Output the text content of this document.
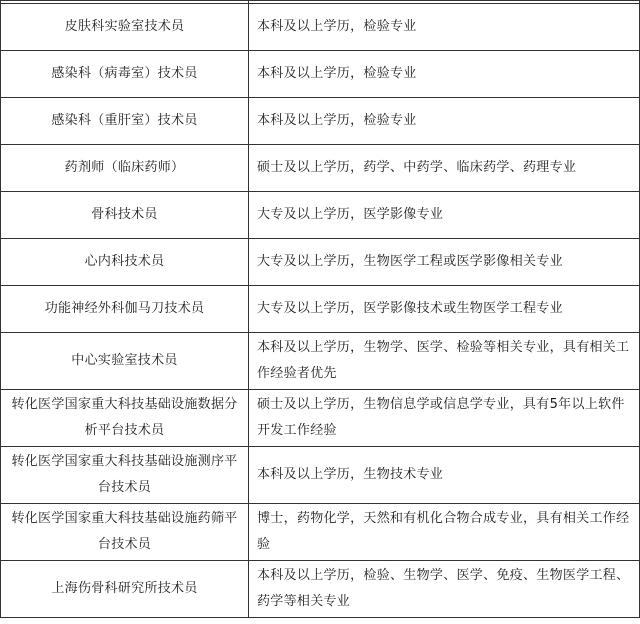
皮肤科实验室技术员	本科及以上学历，检验专业
感染科（病毒室）技术员	本科及以上学历，检验专业
感染科（重肝室）技术员	本科及以上学历，检验专业
药剂师（临床药师）	硕士及以上学历，药学、中药学、临床药学、药理专业
骨科技术员	大专及以上学历，医学影像专业
心内科技术员	大专及以上学历，生物医学工程或医学影像相关专业
功能神经外科伽马刀技术员	大专及以上学历，医学影像技术或生物医学工程专业
中心实验室技术员	本科及以上学历，生物学、医学、检验等相关专业，具有相关工作经验者优先
转化医学国家重大科技基础设施数据分析平台技术员	硕士及以上学历，生物信息学或信息学专业，具有5年以上软件开发工作经验
转化医学国家重大科技基础设施测序平台技术员	本科及以上学历，生物技术专业
转化医学国家重大科技基础设施药筛平台技术员	博士，药物化学，天然和有机化合物合成专业，具有相关工作经验
上海伤骨科研究所技术员	本科及以上学历，检验、生物学、医学、免疫、生物医学工程、药学等相关专业
